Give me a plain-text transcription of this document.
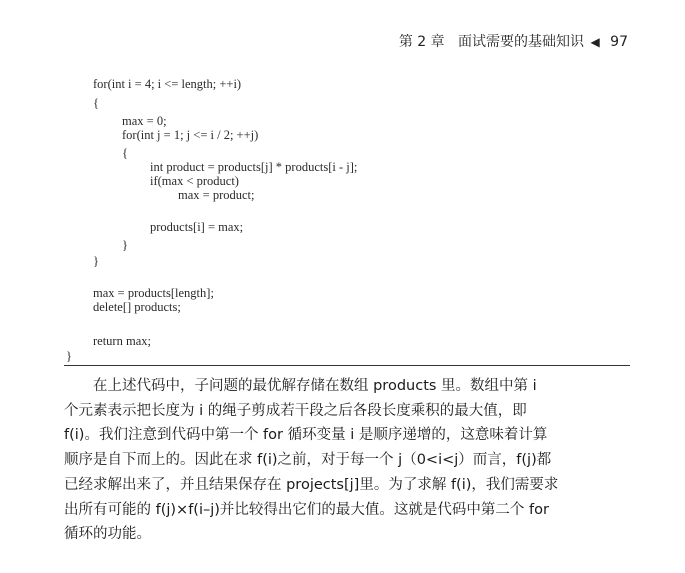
第 2 章 面试需要的基础知识 ◀ 97
for(int i = 4; i <= length; ++i)
{
max = 0;
for(int j = 1; j <= i / 2; ++j)
{
int product = products[j] * products[i - j];
if(max < product)
max = product;
products[i] = max;
}
}
max = products[length];
delete[] products;
return max;
}

在上述代码中，子问题的最优解存储在数组 products 里。数组中第 i

个元素表示把长度为 i 的绳子剪成若干段之后各段长度乘积的最大值，即

f(i)。我们注意到代码中第一个 for 循环变量 i 是顺序递增的，这意味着计算

顺序是自下而上的。因此在求 f(i)之前，对于每一个 j（0<i<j）而言，f(j)都

已经求解出来了，并且结果保存在 projects[j]里。为了求解 f(i)，我们需要求

出所有可能的 f(j)×f(i–j)并比较得出它们的最大值。这就是代码中第二个 for

循环的功能。
